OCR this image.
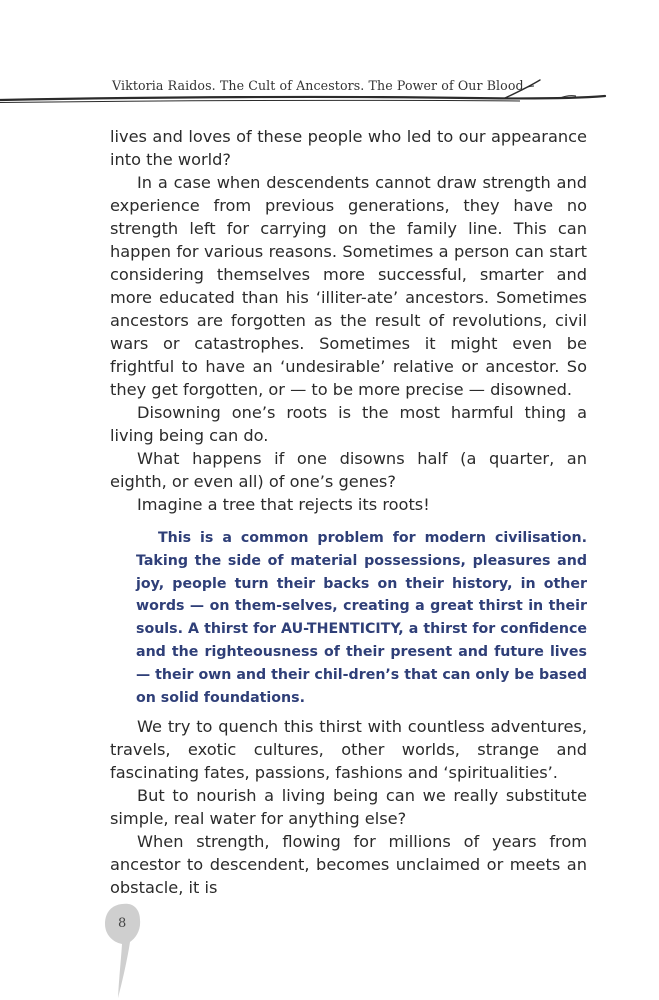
Viktoria Raidos. The Cult of Ancestors. The Power of Our Blood

lives and loves of these people who led to our appearance into the world?

In a case when descendents cannot draw strength and experience from previous generations, they have no strength left for carrying on the family line. This can happen for various reasons. Sometimes a person can start considering themselves more successful, smarter and more educated than his ‘illiter-ate’ ancestors. Sometimes ancestors are forgotten as the result of revolutions, civil wars or catastrophes. Sometimes it might even be frightful to have an ‘undesirable’ relative or ancestor. So they get forgotten, or — to be more precise — disowned.

Disowning one’s roots is the most harmful thing a living being can do.

What happens if one disowns half (a quarter, an eighth, or even all) of one’s genes?

Imagine a tree that rejects its roots!

This is a common problem for modern civilisation. Taking the side of material possessions, pleasures and joy, people turn their backs on their history, in other words — on them-selves, creating a great thirst in their souls. A thirst for AU-THENTICITY, a thirst for confidence and the righteousness of their present and future lives — their own and their chil-dren’s that can only be based on solid foundations.

We try to quench this thirst with countless adventures, travels, exotic cultures, other worlds, strange and fascinating fates, passions, fashions and ‘spiritualities’.

But to nourish a living being can we really substitute simple, real water for anything else?

When strength, flowing for millions of years from ancestor to descendent, becomes unclaimed or meets an obstacle, it is

8
